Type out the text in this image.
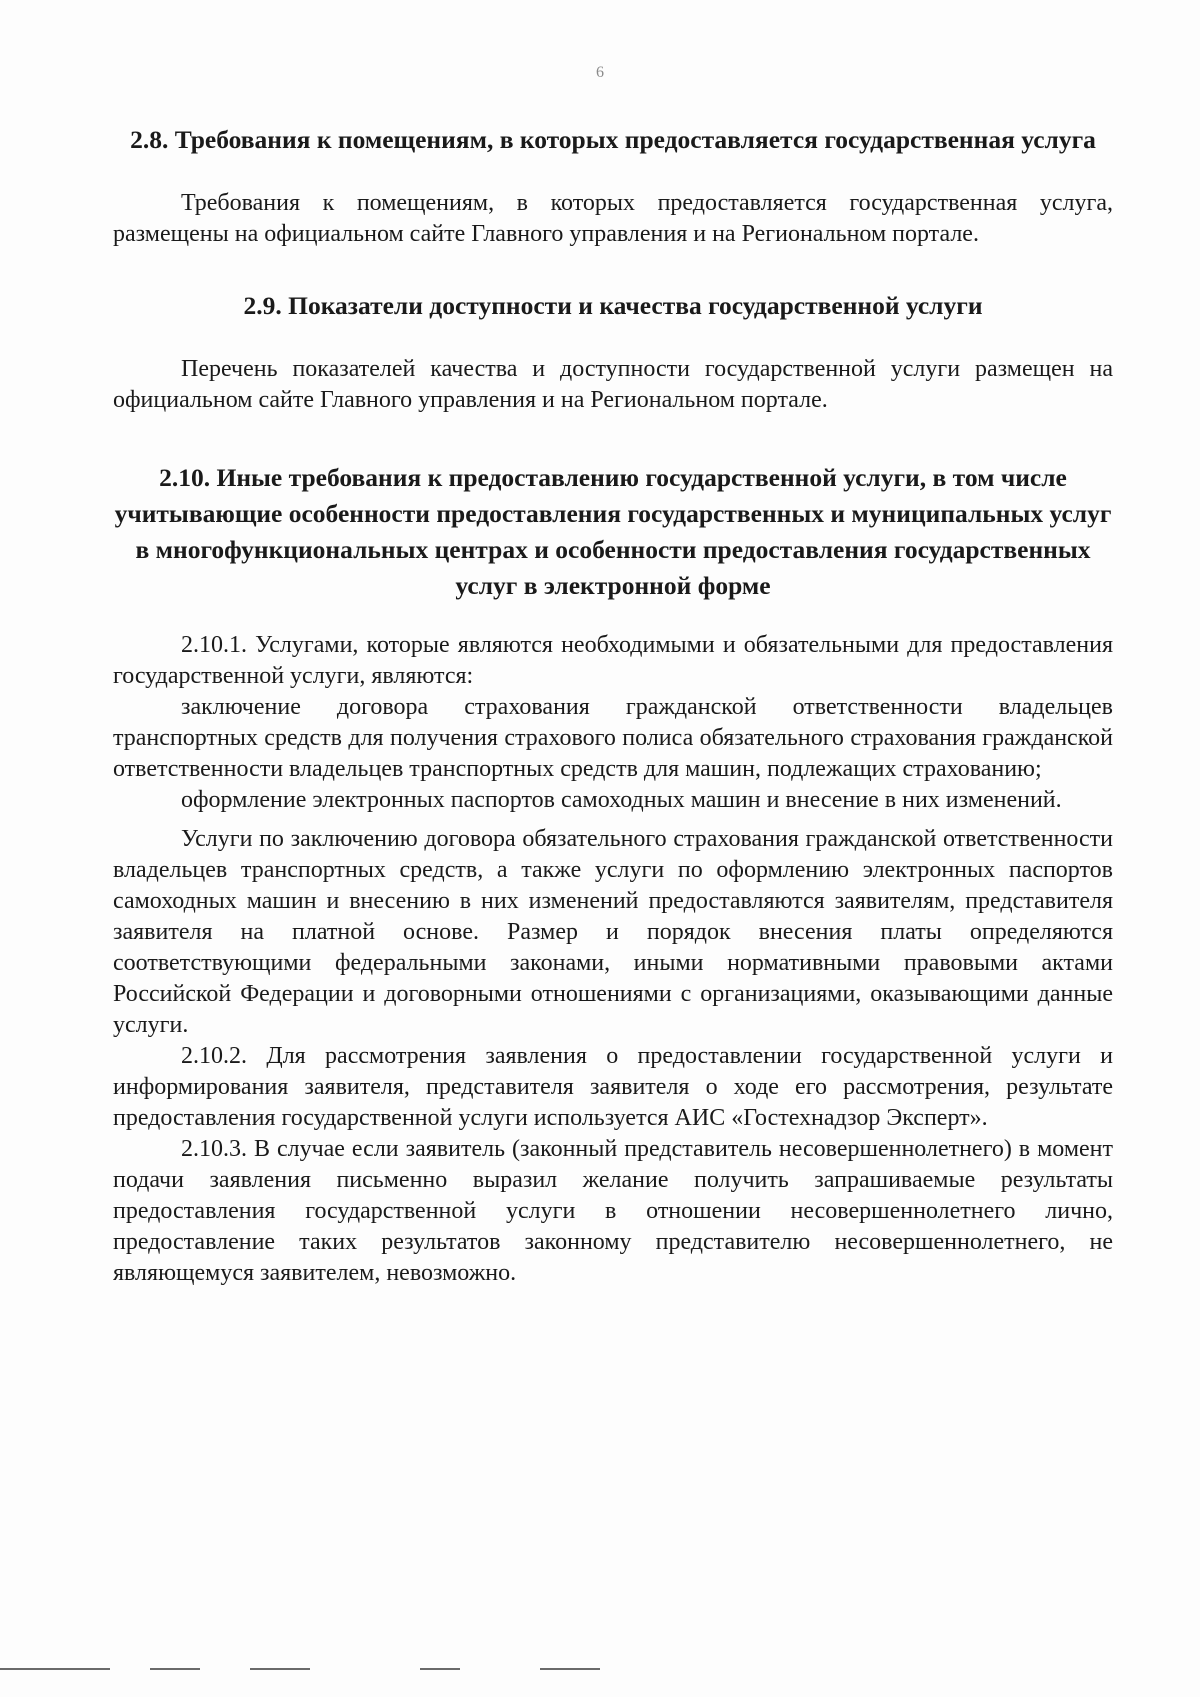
6
2.8. Требования к помещениям, в которых предоставляется государственная услуга

Требования к помещениям, в которых предоставляется государственная услуга, размещены на официальном сайте Главного управления и на Региональном портале.

2.9. Показатели доступности и качества государственной услуги

Перечень показателей качества и доступности государственной услуги размещен на официальном сайте Главного управления и на Региональном портале.

2.10. Иные требования к предоставлению государственной услуги, в том числе учитывающие особенности предоставления государственных и муниципальных услуг в многофункциональных центрах и особенности предоставления государственных услуг в электронной форме

2.10.1. Услугами, которые являются необходимыми и обязательными для предоставления государственной услуги, являются:

заключение договора страхования гражданской ответственности владельцев транспортных средств для получения страхового полиса обязательного страхования гражданской ответственности владельцев транспортных средств для машин, подлежащих страхованию;

оформление электронных паспортов самоходных машин и внесение в них изменений.

Услуги по заключению договора обязательного страхования гражданской ответственности владельцев транспортных средств, а также услуги по оформлению электронных паспортов самоходных машин и внесению в них изменений предоставляются заявителям, представителя заявителя на платной основе. Размер и порядок внесения платы определяются соответствующими федеральными законами, иными нормативными правовыми актами Российской Федерации и договорными отношениями с организациями, оказывающими данные услуги.

2.10.2. Для рассмотрения заявления о предоставлении государственной услуги и информирования заявителя, представителя заявителя о ходе его рассмотрения, результате предоставления государственной услуги используется АИС «Гостехнадзор Эксперт».

2.10.3. В случае если заявитель (законный представитель несовершеннолетнего) в момент подачи заявления письменно выразил желание получить запрашиваемые результаты предоставления государственной услуги в отношении несовершеннолетнего лично, предоставление таких результатов законному представителю несовершеннолетнего, не являющемуся заявителем, невозможно.
